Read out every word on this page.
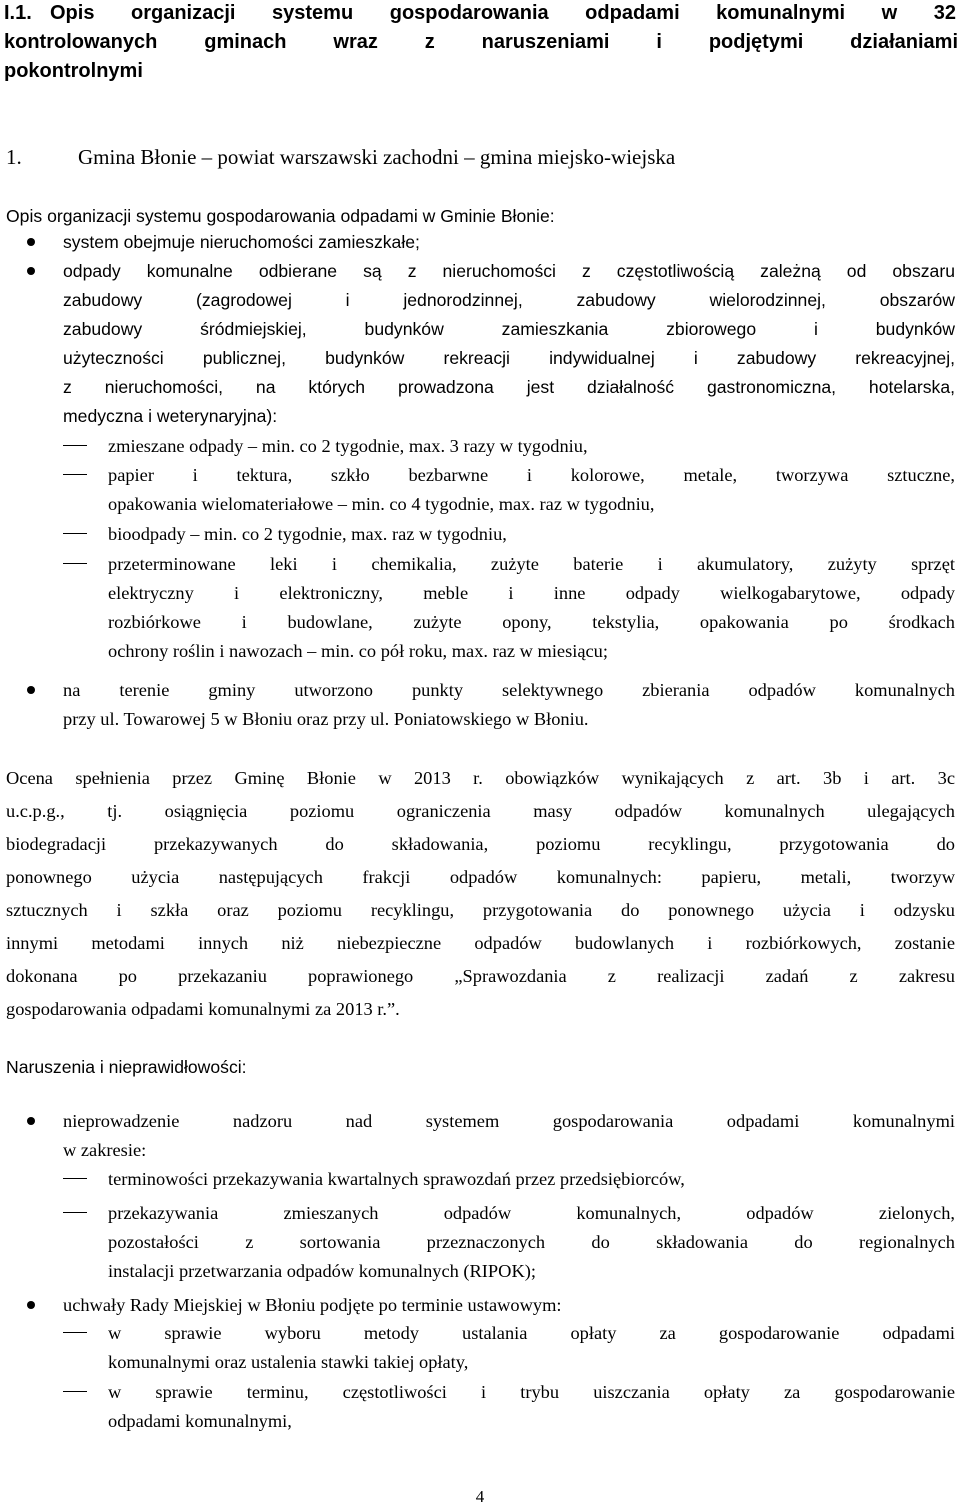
I.1. Opis organizacji systemu gospodarowania odpadami komunalnymi w 32
kontrolowanych gminach wraz z naruszeniami i podjętymi działaniami
pokontrolnymi
1.	Gmina Błonie – powiat warszawski zachodni – gmina miejsko-wiejska
Opis organizacji systemu gospodarowania odpadami w Gminie Błonie:
system obejmuje nieruchomości zamieszkałe;
odpady komunalne odbierane są z nieruchomości z częstotliwością zależną od obszaru
zabudowy (zagrodowej i jednorodzinnej, zabudowy wielorodzinnej, obszarów
zabudowy śródmiejskiej, budynków zamieszkania zbiorowego i budynków
użyteczności publicznej, budynków rekreacji indywidualnej i zabudowy rekreacyjnej,
z nieruchomości, na których prowadzona jest działalność gastronomiczna, hotelarska,
medyczna i weterynaryjna):
zmieszane odpady – min. co 2 tygodnie, max. 3 razy w tygodniu,
papier i tektura, szkło bezbarwne i kolorowe, metale, tworzywa sztuczne,
opakowania wielomateriałowe – min. co 4 tygodnie, max. raz w tygodniu,
bioodpady – min. co 2 tygodnie, max. raz w tygodniu,
przeterminowane leki i chemikalia, zużyte baterie i akumulatory, zużyty sprzęt
elektryczny i elektroniczny, meble i inne odpady wielkogabarytowe, odpady
rozbiórkowe i budowlane, zużyte opony, tekstylia, opakowania po środkach
ochrony roślin i nawozach – min. co pół roku, max. raz w miesiącu;
na terenie gminy utworzono punkty selektywnego zbierania odpadów komunalnych
przy ul. Towarowej 5 w Błoniu oraz przy ul. Poniatowskiego w Błoniu.
Ocena spełnienia przez Gminę Błonie w 2013 r. obowiązków wynikających z art. 3b i art. 3c
u.c.p.g., tj. osiągnięcia poziomu ograniczenia masy odpadów komunalnych ulegających
biodegradacji przekazywanych do składowania, poziomu recyklingu, przygotowania do
ponownego użycia następujących frakcji odpadów komunalnych: papieru, metali, tworzyw
sztucznych i szkła oraz poziomu recyklingu, przygotowania do ponownego użycia i odzysku
innymi metodami innych niż niebezpieczne odpadów budowlanych i rozbiórkowych, zostanie
dokonana po przekazaniu poprawionego „Sprawozdania z realizacji zadań z zakresu
gospodarowania odpadami komunalnymi za 2013 r.”.
Naruszenia i nieprawidłowości:
nieprowadzenie nadzoru nad systemem gospodarowania odpadami komunalnymi
w zakresie:
terminowości przekazywania kwartalnych sprawozdań przez przedsiębiorców,
przekazywania zmieszanych odpadów komunalnych, odpadów zielonych,
pozostałości z sortowania przeznaczonych do składowania do regionalnych
instalacji przetwarzania odpadów komunalnych (RIPOK);
uchwały Rady Miejskiej w Błoniu podjęte po terminie ustawowym:
w sprawie wyboru metody ustalania opłaty za gospodarowanie odpadami
komunalnymi oraz ustalenia stawki takiej opłaty,
w sprawie terminu, częstotliwości i trybu uiszczania opłaty za gospodarowanie
odpadami komunalnymi,
4
